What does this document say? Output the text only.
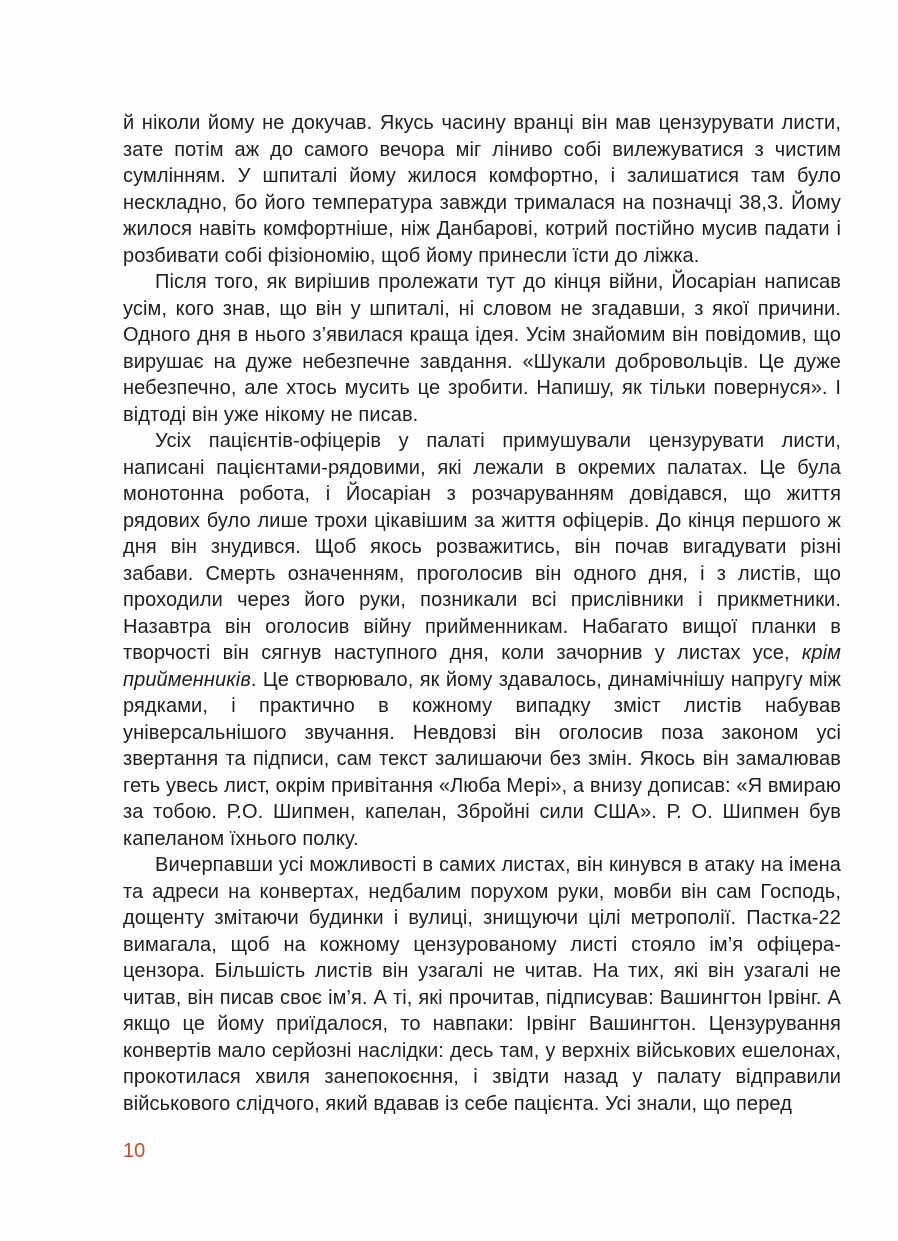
й ніколи йому не докучав. Якусь часину вранці він мав цензурувати листи, зате потім аж до самого вечора міг ліниво собі вилежуватися з чистим сумлінням. У шпиталі йому жилося комфортно, і залишатися там було нескладно, бо його температура завжди трималася на позначці 38,3. Йому жилося навіть комфортніше, ніж Данбарові, котрий постійно мусив падати і розбивати собі фізіономію, щоб йому принесли їсти до ліжка.

Після того, як вирішив пролежати тут до кінця війни, Йосаріан написав усім, кого знав, що він у шпиталі, ні словом не згадавши, з якої причини. Одного дня в нього з’явилася краща ідея. Усім знайомим він повідомив, що вирушає на дуже небезпечне завдання. «Шукали добровольців. Це дуже небезпечно, але хтось мусить це зробити. Напишу, як тільки повернуся». І відтоді він уже нікому не писав.

Усіх пацієнтів-офіцерів у палаті примушували цензурувати листи, написані пацієнтами-рядовими, які лежали в окремих палатах. Це була монотонна робота, і Йосаріан з розчаруванням довідався, що життя рядових було лише трохи цікавішим за життя офіцерів. До кінця першого ж дня він знудився. Щоб якось розважитись, він почав вигадувати різні забави. Смерть означенням, проголосив він одного дня, і з листів, що проходили через його руки, позникали всі прислівники і прикметники. Назавтра він оголосив війну прийменникам. Набагато вищої планки в творчості він сягнув наступного дня, коли зачорнив у листах усе, крім прийменників. Це створювало, як йому здавалось, динамічнішу напругу між рядками, і практично в кожному випадку зміст листів набував універсальнішого звучання. Невдовзі він оголосив поза законом усі звертання та підписи, сам текст залишаючи без змін. Якось він замалював геть увесь лист, окрім привітання «Люба Мері», а внизу дописав: «Я вмираю за тобою. Р.О. Шипмен, капелан, Збройні сили США». Р. О. Шипмен був капеланом їхнього полку.

Вичерпавши усі можливості в самих листах, він кинувся в атаку на імена та адреси на конвертах, недбалим порухом руки, мовби він сам Господь, дощенту змітаючи будинки і вулиці, знищуючи цілі метрополії. Пастка-22 вимагала, щоб на кожному цензурованому листі стояло ім’я офіцера-цензора. Більшість листів він узагалі не читав. На тих, які він узагалі не читав, він писав своє ім’я. А ті, які прочитав, підписував: Вашингтон Ірвінг. А якщо це йому приїдалося, то навпаки: Ірвінг Вашингтон. Цензурування конвертів мало серйозні наслідки: десь там, у верхніх військових ешелонах, прокотилася хвиля занепокоєння, і звідти назад у палату відправили військового слідчого, який вдавав із себе пацієнта. Усі знали, що перед

10
